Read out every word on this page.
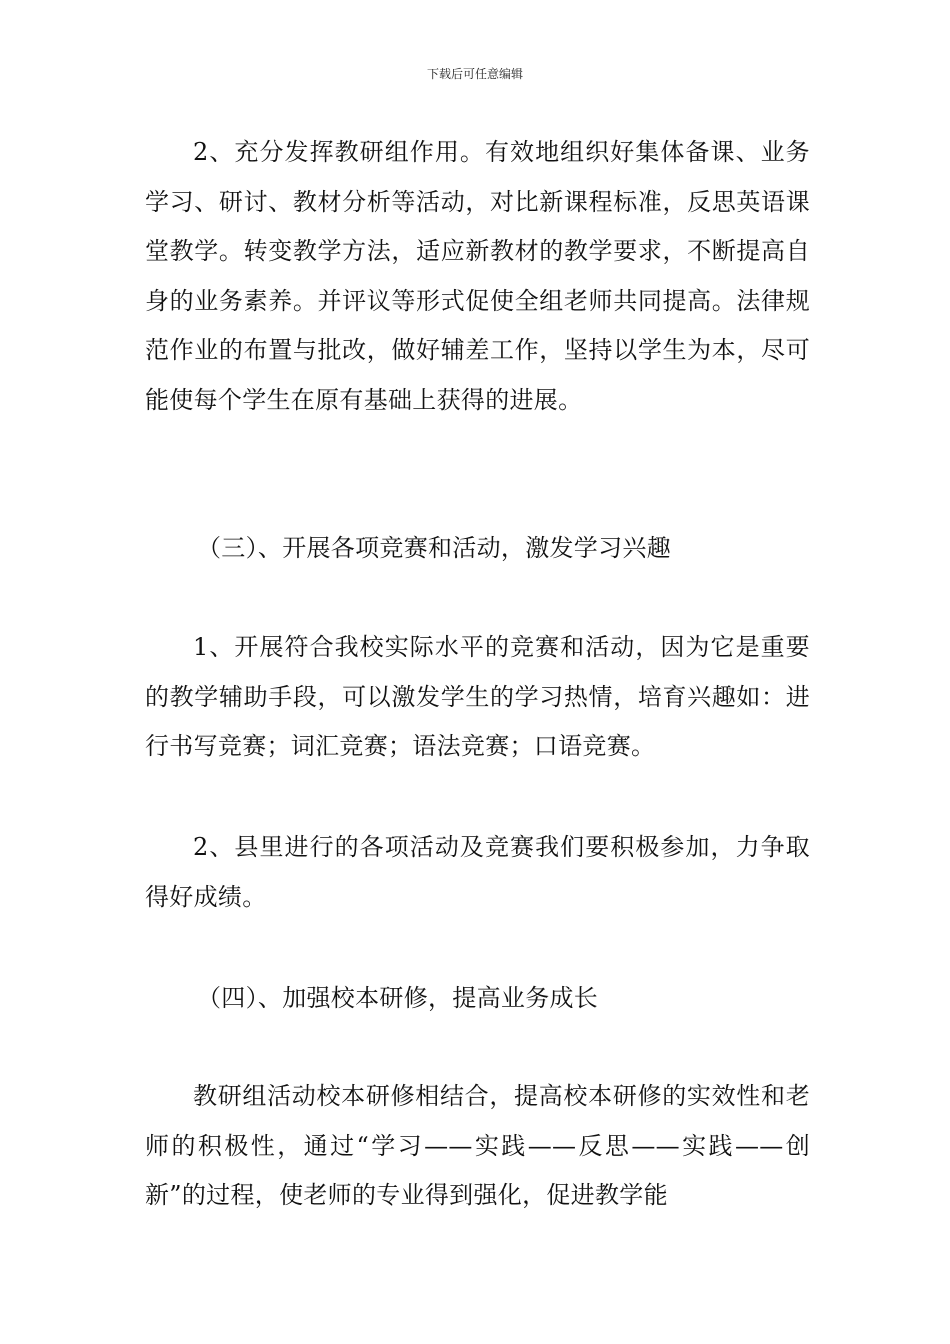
下载后可任意编辑

2、充分发挥教研组作用。有效地组织好集体备课、业务学习、研讨、教材分析等活动，对比新课程标准，反思英语课堂教学。转变教学方法，适应新教材的教学要求，不断提高自身的业务素养。并评议等形式促使全组老师共同提高。法律规范作业的布置与批改，做好辅差工作，坚持以学生为本，尽可能使每个学生在原有基础上获得的进展。

（三）、开展各项竞赛和活动，激发学习兴趣

1、开展符合我校实际水平的竞赛和活动，因为它是重要的教学辅助手段，可以激发学生的学习热情，培育兴趣如：进行书写竞赛；词汇竞赛；语法竞赛；口语竞赛。

2、县里进行的各项活动及竞赛我们要积极参加，力争取得好成绩。

（四）、加强校本研修，提高业务成长

教研组活动校本研修相结合，提高校本研修的实效性和老师的积极性，通过“学习——实践——反思——实践——创新”的过程，使老师的专业得到强化，促进教学能
